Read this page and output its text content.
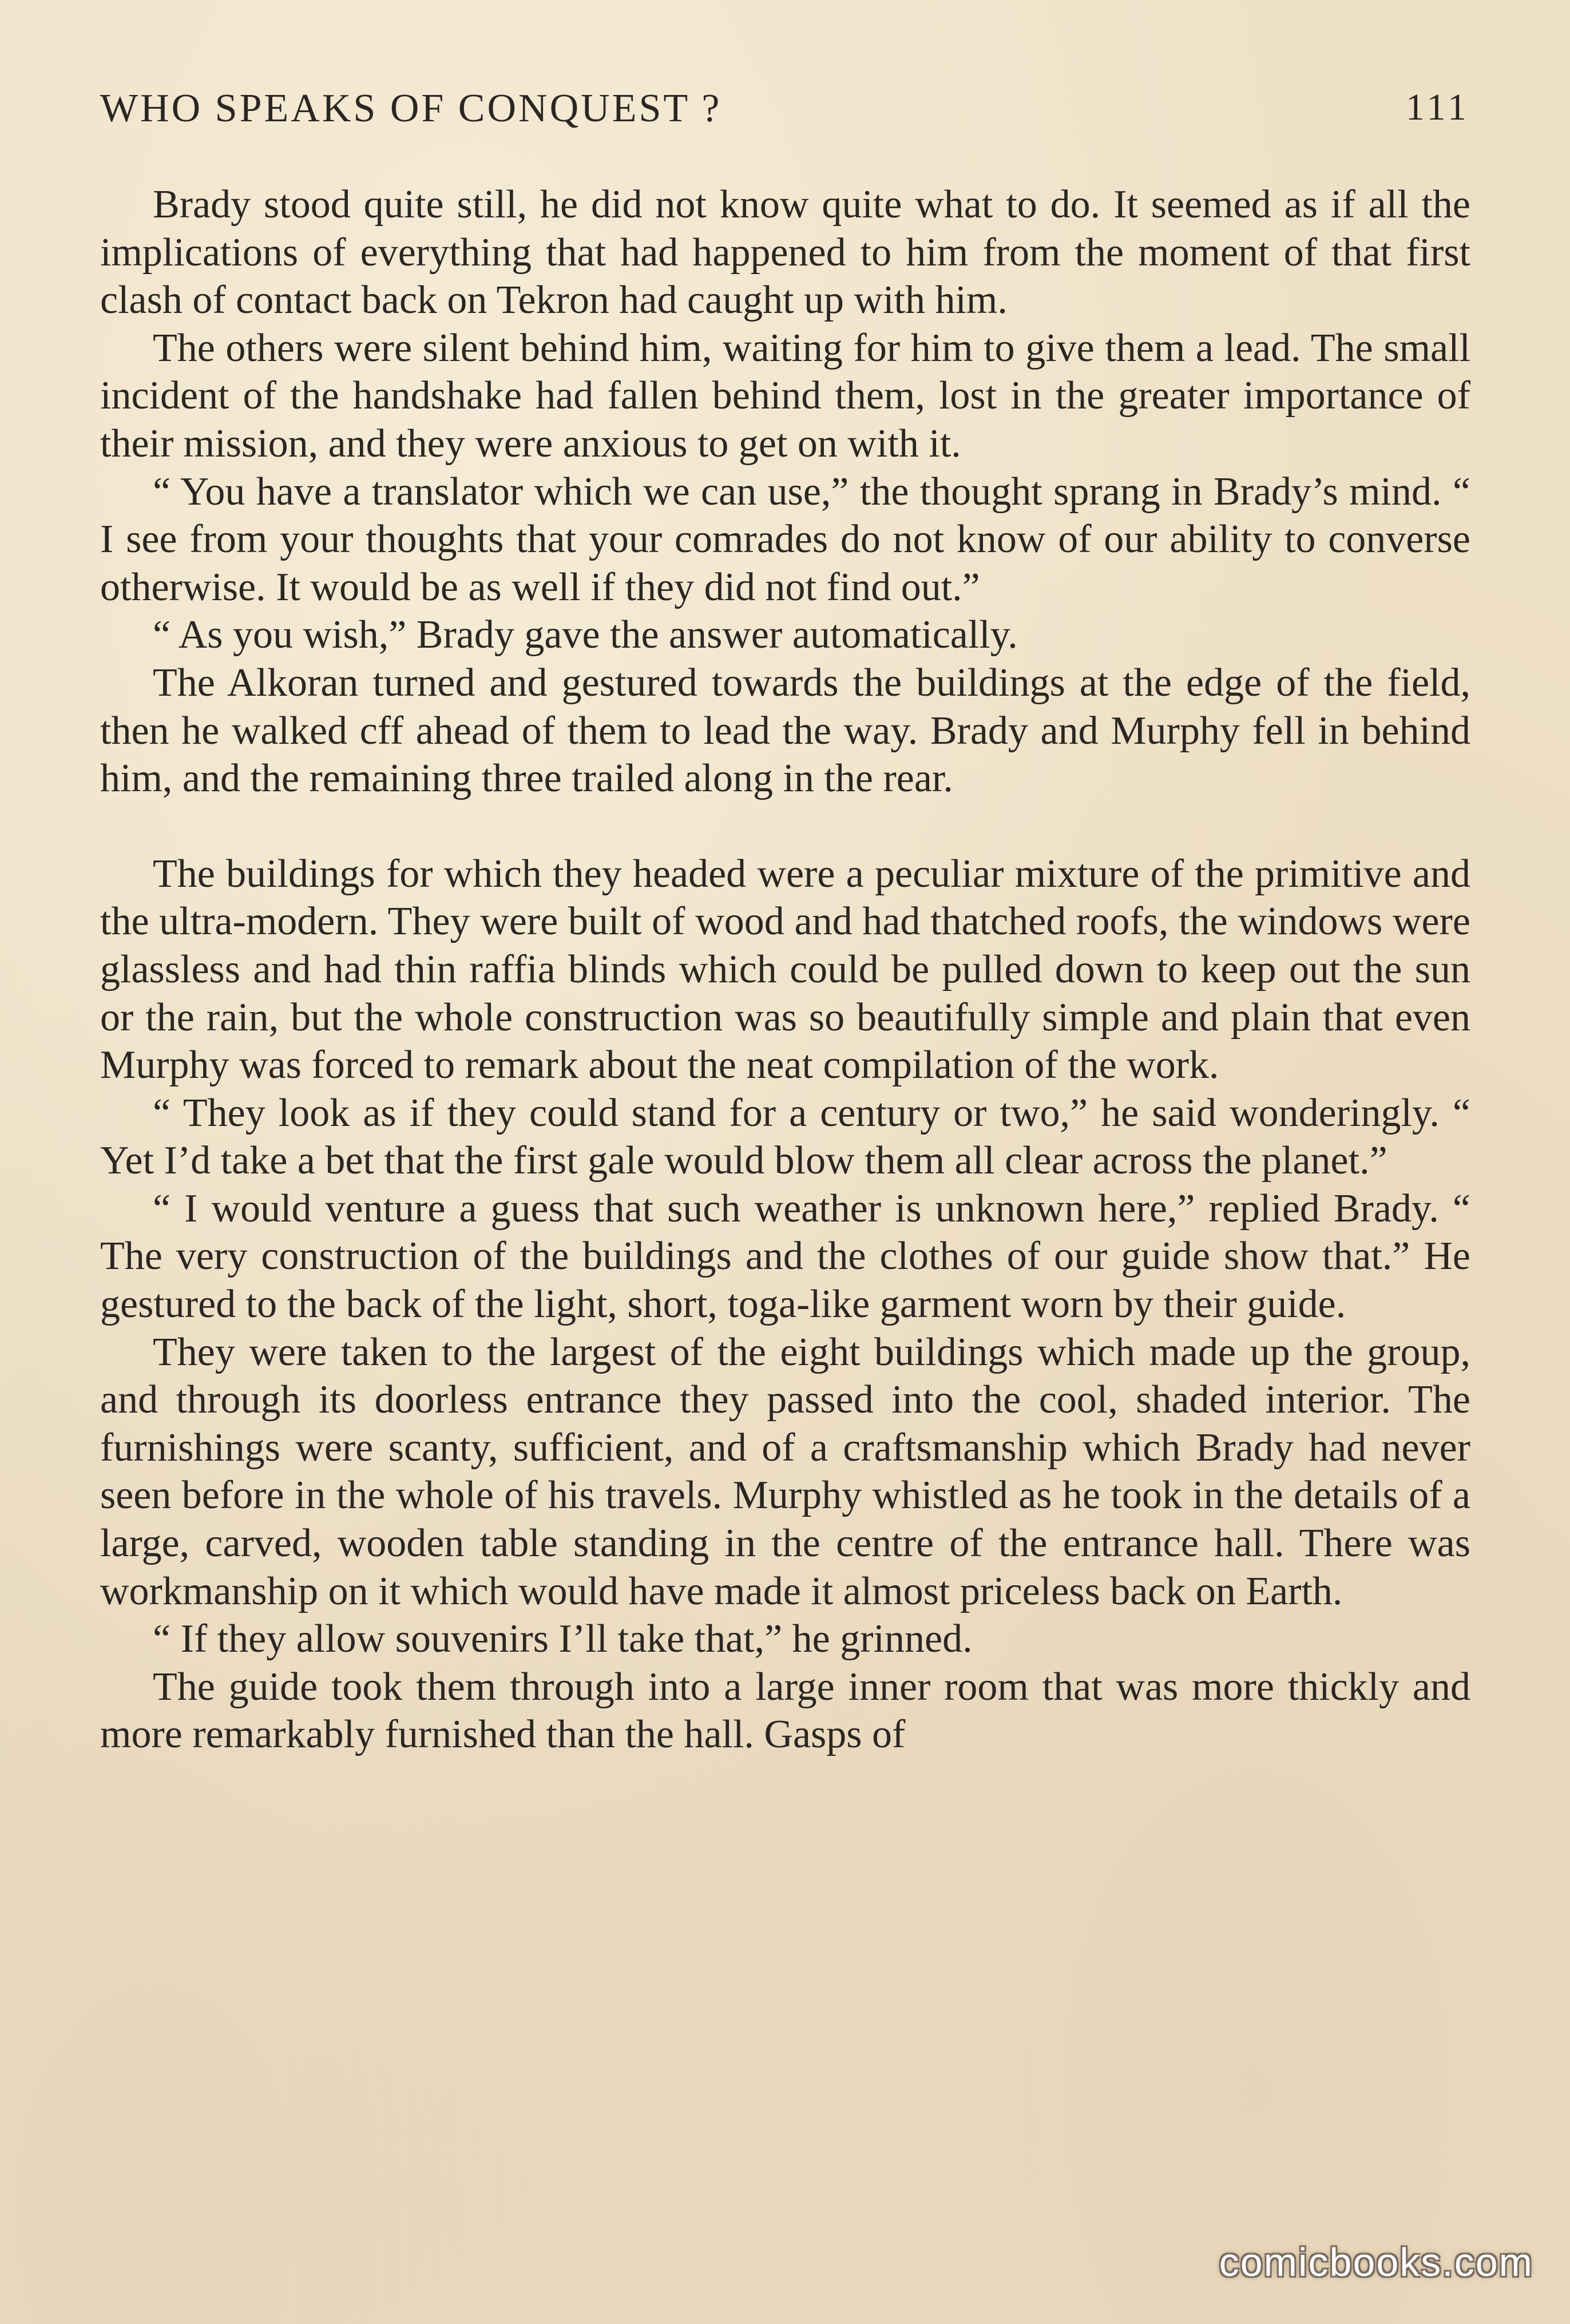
WHO SPEAKS OF CONQUEST ?	111

Brady stood quite still, he did not know quite what to do. It seemed as if all the implications of everything that had happened to him from the moment of that first clash of contact back on Tekron had caught up with him.

The others were silent behind him, waiting for him to give them a lead. The small incident of the handshake had fallen behind them, lost in the greater importance of their mission, and they were anxious to get on with it.

“ You have a translator which we can use,” the thought sprang in Brady’s mind. “ I see from your thoughts that your comrades do not know of our ability to converse otherwise. It would be as well if they did not find out.”

“ As you wish,” Brady gave the answer automatically.

The Alkoran turned and gestured towards the buildings at the edge of the field, then he walked cff ahead of them to lead the way. Brady and Murphy fell in behind him, and the remaining three trailed along in the rear.

The buildings for which they headed were a peculiar mixture of the primitive and the ultra-modern. They were built of wood and had thatched roofs, the windows were glassless and had thin raffia blinds which could be pulled down to keep out the sun or the rain, but the whole construction was so beautifully simple and plain that even Murphy was forced to remark about the neat compilation of the work.

“ They look as if they could stand for a century or two,” he said wonderingly. “ Yet I’d take a bet that the first gale would blow them all clear across the planet.”

“ I would venture a guess that such weather is unknown here,” replied Brady. “ The very construction of the buildings and the clothes of our guide show that.” He gestured to the back of the light, short, toga-like garment worn by their guide.

They were taken to the largest of the eight buildings which made up the group, and through its doorless entrance they passed into the cool, shaded interior. The furnishings were scanty, sufficient, and of a craftsmanship which Brady had never seen before in the whole of his travels. Murphy whistled as he took in the details of a large, carved, wooden table standing in the centre of the entrance hall. There was workmanship on it which would have made it almost priceless back on Earth.

“ If they allow souvenirs I’ll take that,” he grinned.

The guide took them through into a large inner room that was more thickly and more remarkably furnished than the hall. Gasps of

comicbooks.com
